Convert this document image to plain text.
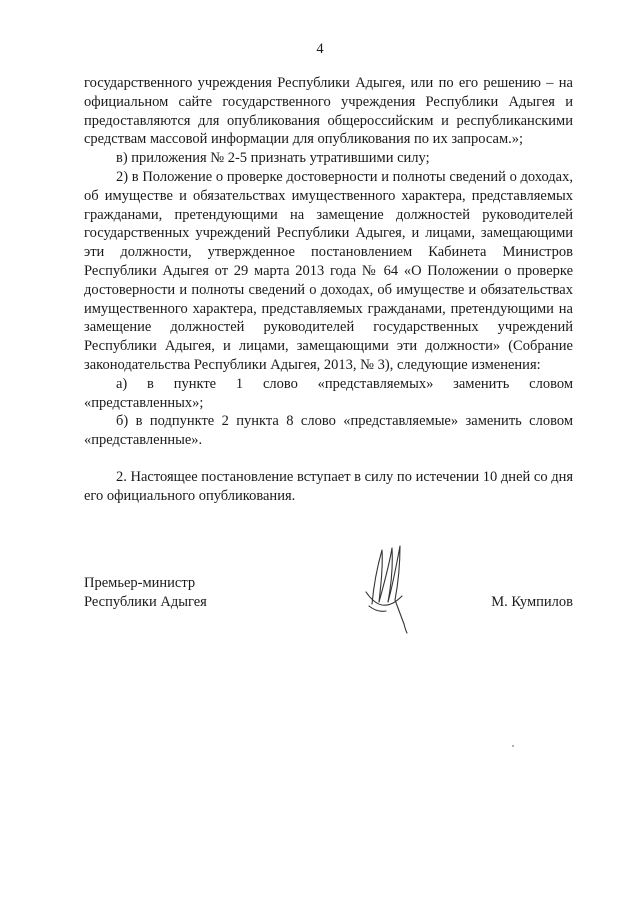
4

государственного учреждения Республики Адыгея, или по его решению – на официальном сайте государственного учреждения Республики Адыгея и предоставляются для опубликования общероссийским и республиканскими средствам массовой информации для опубликования по их запросам.»;

в) приложения № 2-5 признать утратившими силу;

2) в Положение о проверке достоверности и полноты сведений о доходах, об имуществе и обязательствах имущественного характера, представляемых гражданами, претендующими на замещение должностей руководителей государственных учреждений Республики Адыгея, и лицами, замещающими эти должности, утвержденное постановлением Кабинета Министров Республики Адыгея от 29 марта 2013 года № 64 «О Положении о проверке достоверности и полноты сведений о доходах, об имуществе и обязательствах имущественного характера, представляемых гражданами, претендующими на замещение должностей руководителей государственных учреждений Республики Адыгея, и лицами, замещающими эти должности» (Собрание законодательства Республики Адыгея, 2013, № 3), следующие изменения:

а) в пункте 1 слово «представляемых» заменить словом «представленных»;

б) в подпункте 2 пункта 8 слово «представляемые» заменить словом «представленные».

2. Настоящее постановление вступает в силу по истечении 10 дней со дня его официального опубликования.

Премьер-министр
Республики Адыгея	М. Кумпилов
